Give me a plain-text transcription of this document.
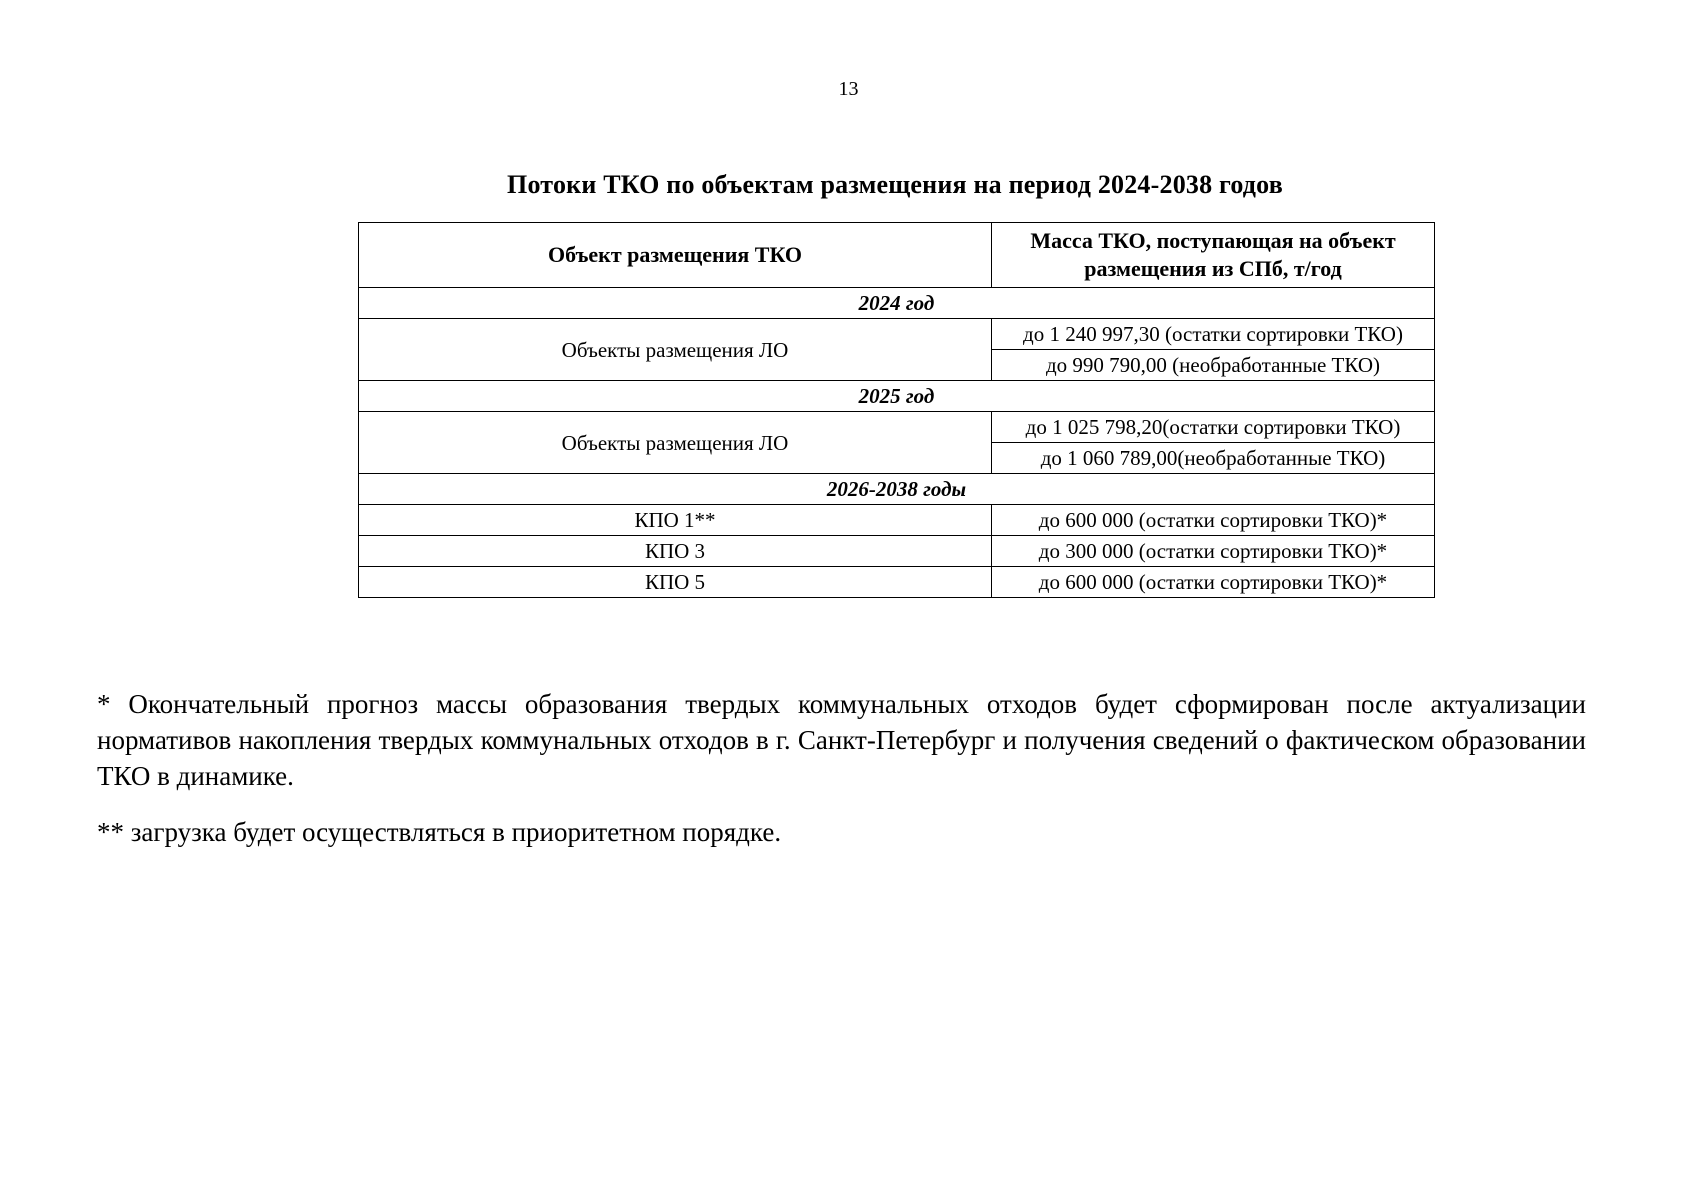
13
Потоки ТКО по объектам размещения на период 2024-2038 годов
Объект размещения ТКО	Масса ТКО, поступающая на объект размещения из СПб, т/год
2024 год	
Объекты размещения ЛО	до 1 240 997,30 (остатки сортировки ТКО)
	до 990 790,00 (необработанные ТКО)
2025 год	
Объекты размещения ЛО	до 1 025 798,20(остатки сортировки ТКО)
	до 1 060 789,00(необработанные ТКО)
2026-2038 годы	
КПО 1**	до 600 000 (остатки сортировки ТКО)*
КПО 3	до 300 000 (остатки сортировки ТКО)*
КПО 5	до 600 000 (остатки сортировки ТКО)*
* Окончательный прогноз массы образования твердых коммунальных отходов будет сформирован после актуализации нормативов накопления твердых коммунальных отходов в г. Санкт-Петербург и получения сведений о фактическом образовании ТКО в динамике.
** загрузка будет осуществляться в приоритетном порядке.
